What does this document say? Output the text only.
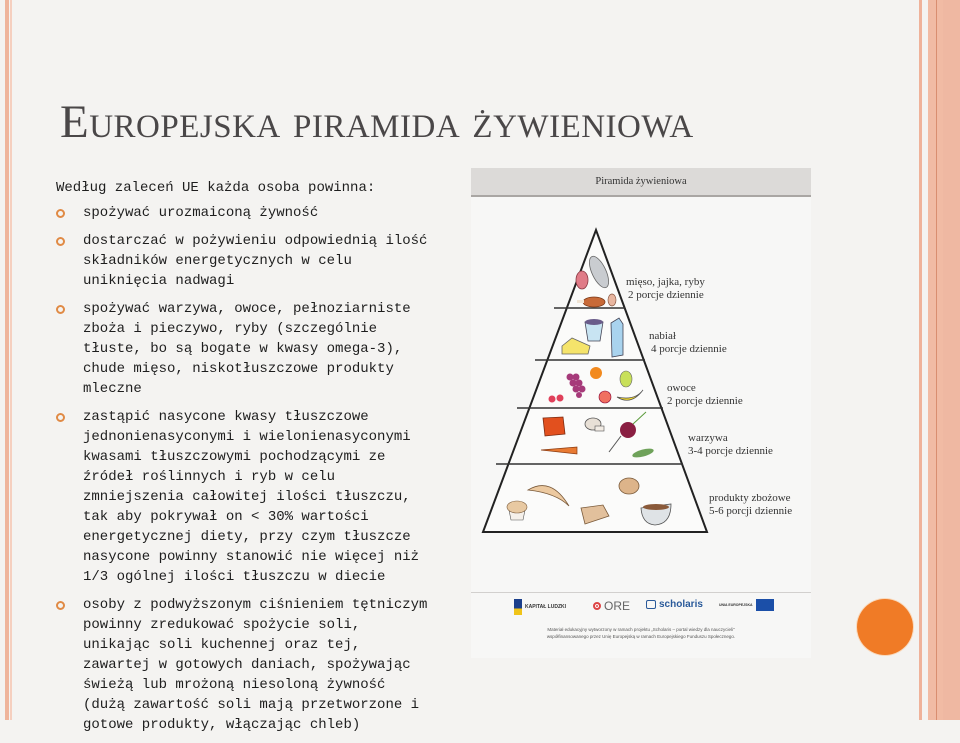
Europejska piramida żywieniowa
Według zaleceń UE każda osoba powinna:
spożywać urozmaiconą żywność
dostarczać w pożywieniu odpowiednią ilość składników energetycznych w celu uniknięcia nadwagi
spożywać warzywa, owoce, pełnoziarniste zboża i pieczywo, ryby (szczególnie tłuste, bo są bogate w kwasy omega-3), chude mięso, niskotłuszczowe produkty mleczne
zastąpić nasycone kwasy tłuszczowe jednonienasyconymi i wielonienasyconymi kwasami tłuszczowymi pochodzącymi ze źródeł roślinnych i ryb w celu zmniejszenia całowitej ilości tłuszczu, tak aby pokrywał on < 30% wartości energetycznej diety, przy czym tłuszcze nasycone powinny stanowić nie więcej niż 1/3 ogólnej ilości tłuszczu w diecie
osoby z podwyższonym ciśnieniem tętniczym powinny zredukować spożycie soli, unikając soli kuchennej oraz tej, zawartej w gotowych daniach, spożywając świeżą lub mrożoną niesoloną żywność (dużą zawartość soli mają przetworzone i gotowe produkty, włączając chleb)
Piramida żywieniowa
mięso, jajka, ryby
2 porcje dziennie
nabiał
4 porcje dziennie
owoce
2 porcje dziennie
warzywa
3-4 porcje dziennie
produkty zbożowe
5-6 porcji dziennie
KAPITAŁ LUDZKI	ORE	scholaris	UNIA EUROPEJSKA
Materiał edukacyjny wytworzony w ramach projektu „Scholaris – portal wiedzy dla nauczycieli"
współfinansowanego przez Unię Europejską w ramach Europejskiego Funduszu Społecznego.
